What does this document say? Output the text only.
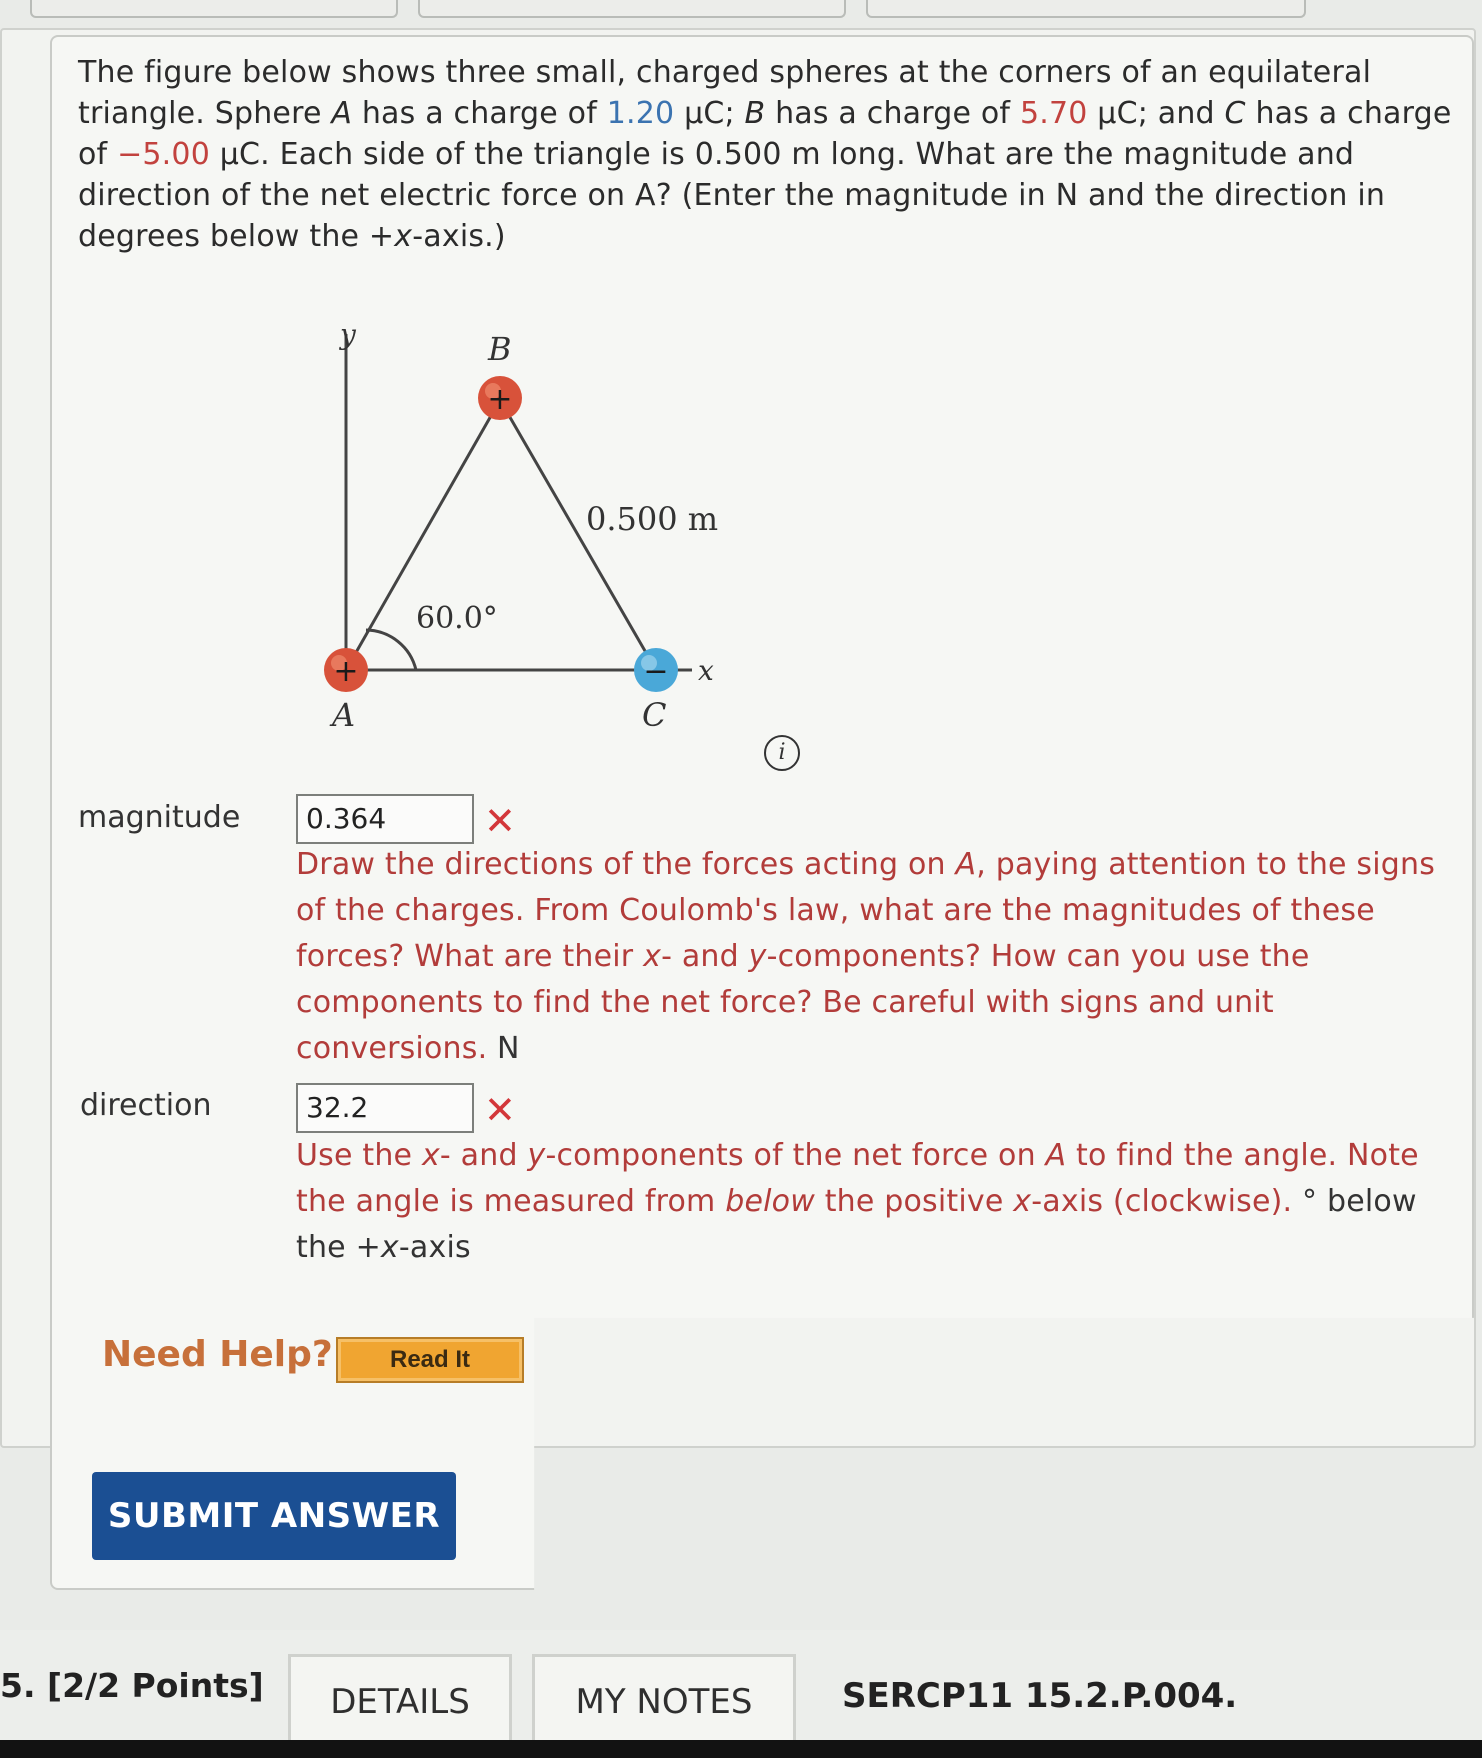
The figure below shows three small, charged spheres at the corners of an equilateral triangle. Sphere A has a charge of 1.20 μC; B has a charge of 5.70 μC; and C has a charge of −5.00 μC. Each side of the triangle is 0.500 m long. What are the magnitude and direction of the net electric force on A? (Enter the magnitude in N and the direction in degrees below the +x-axis.)
y
x
60.0°
0.500 m
+
B
+
A
−
C
i
magnitude	0.364	✕
Draw the directions of the forces acting on A, paying attention to the signs of the charges. From Coulomb's law, what are the magnitudes of these forces? What are their x- and y-components? How can you use the components to find the net force? Be careful with signs and unit conversions. N
direction	32.2	✕
Use the x- and y-components of the net force on A to find the angle. Note the angle is measured from below the positive x-axis (clockwise). ° below the +x-axis
Need Help?	Read It
SUBMIT ANSWER
5. [2/2 Points]	DETAILS	MY NOTES	SERCP11 15.2.P.004.
